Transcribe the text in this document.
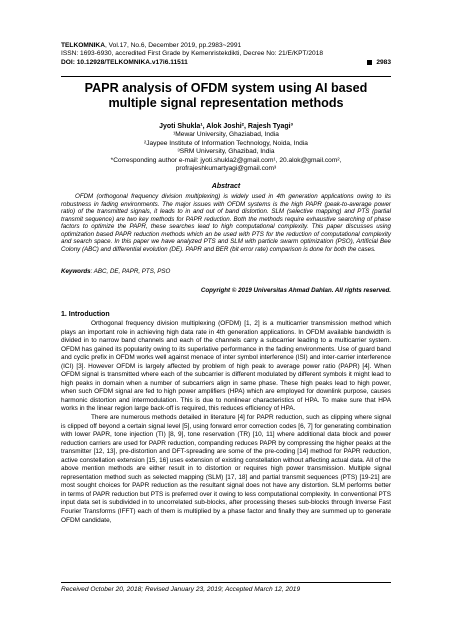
TELKOMNIKA, Vol.17, No.6, December 2019, pp.2983~2991
ISSN: 1693-6930, accredited First Grade by Kemenristekdikti, Decree No: 21/E/KPT/2018
DOI: 10.12928/TELKOMNIKA.v17i6.11511	2983
PAPR analysis of OFDM system using AI based multiple signal representation methods
Jyoti Shukla¹, Alok Joshi², Rajesh Tyagi³
¹Mewar University, Ghaziabad, India
²Jaypee Institute of Information Technology, Noida, India
³SRM University, Ghazibad, India
*Corresponding author e-mail: jyoti.shukla2@gmail.com¹, 20.alok@gmail.com²,
profrajeshkumartyagi@gmail.com³
Abstract
OFDM (orthogonal frequency division multiplexing) is widely used in 4th generation applications owing to its robustness in fading environments. The major issues with OFDM systems is the high PAPR (peak-to-average power ratio) of the transmitted signals, it leads to in and out of band distortion. SLM (selective mapping) and PTS (partial transmit sequence) are two key methods for PAPR reduction. Both the methods require exhaustive searching of phase factors to optimize the PAPR, these searches lead to high computational complexity. This paper discusses using optimization based PAPR reduction methods which an be used with PTS for the reduction of computational complexity and search space. In this paper we have analyzed PTS and SLM with particle swarm optimization (PSO), Artificial Bee Colony (ABC) and differential evolution (DE). PAPR and BER (bit error rate) comparison is done for both the cases.
Keywords: ABC, DE, PAPR, PTS, PSO
Copyright © 2019 Universitas Ahmad Dahlan. All rights reserved.
1. Introduction

Orthogonal frequency division multiplexing (OFDM) [1, 2] is a multicarrier transmission method which plays an important role in achieving high data rate in 4th generation applications. In OFDM available bandwidth is divided in to narrow band channels and each of the channels carry a subcarrier leading to a multicarrier system. OFDM has gained its popularity owing to its superlative performance in the fading environments. Use of guard band and cyclic prefix in OFDM works well against menace of inter symbol interference (ISI) and inter-carrier interference (ICI) [3]. However OFDM is largely affected by problem of high peak to average power ratio (PAPR) [4]. When OFDM signal is transmitted where each of the subcarrier is different modulated by different symbols it might lead to high peaks in domain when a number of subcarriers align in same phase. These high peaks lead to high power, when such OFDM signal are fed to high power amplifiers (HPA) which are employed for downlink purpose, causes harmonic distortion and intermodulation. This is due to nonlinear characteristics of HPA. To make sure that HPA works in the linear region large back-off is required, this reduces efficiency of HPA.

There are numerous methods detailed in literature [4] for PAPR reduction, such as clipping where signal is clipped off beyond a certain signal level [5], using forward error correction codes [6, 7] for generating combination with lower PAPR, tone injection (TI) [8, 9], tone reservation (TR) [10, 11] where additional data block and power reduction carriers are used for PAPR reduction, companding reduces PAPR by compressing the higher peaks at the transmitter [12, 13], pre-distortion and DFT-spreading are some of the pre-coding [14] method for PAPR reduction, active constellation extension [15, 16] uses extension of existing constellation without affecting actual data. All of the above mention methods are either result in to distortion or requires high power transmission. Multiple signal representation method such as selected mapping (SLM) [17, 18] and partial transmit sequences (PTS) [19-21] are most sought choices for PAPR reduction as the resultant signal does not have any distortion. SLM performs better in terms of PAPR reduction but PTS is preferred over it owing to less computational complexity. In conventional PTS input data set is subdivided in to uncorrelated sub-blocks, after processing theses sub-blocks through Inverse Fast Fourier Transforms (IFFT) each of them is multiplied by a phase factor and finally they are summed up to generate OFDM candidate,

Received October 20, 2018; Revised January 23, 2019; Accepted March 12, 2019
